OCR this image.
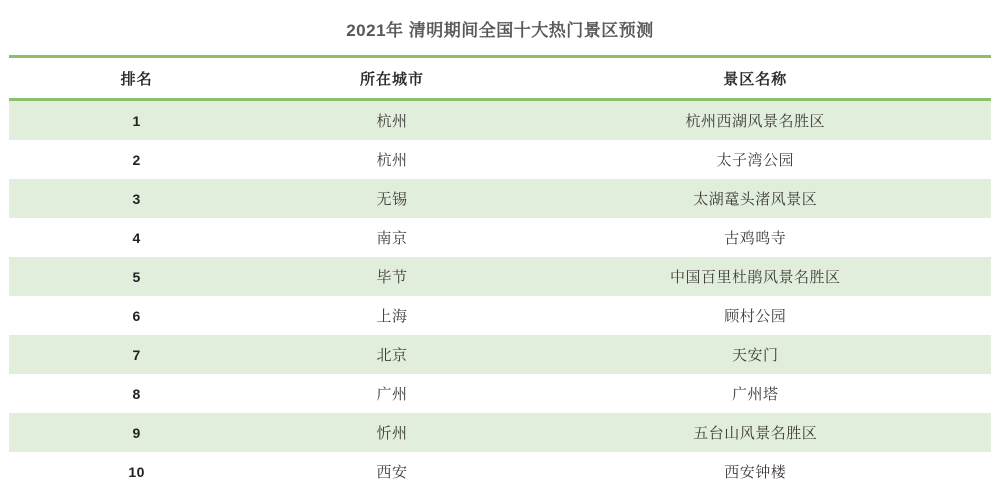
2021年 清明期间全国十大热门景区预测
排名	所在城市	景区名称
1	杭州	杭州西湖风景名胜区
2	杭州	太子湾公园
3	无锡	太湖鼋头渚风景区
4	南京	古鸡鸣寺
5	毕节	中国百里杜鹃风景名胜区
6	上海	顾村公园
7	北京	天安门
8	广州	广州塔
9	忻州	五台山风景名胜区
10	西安	西安钟楼
